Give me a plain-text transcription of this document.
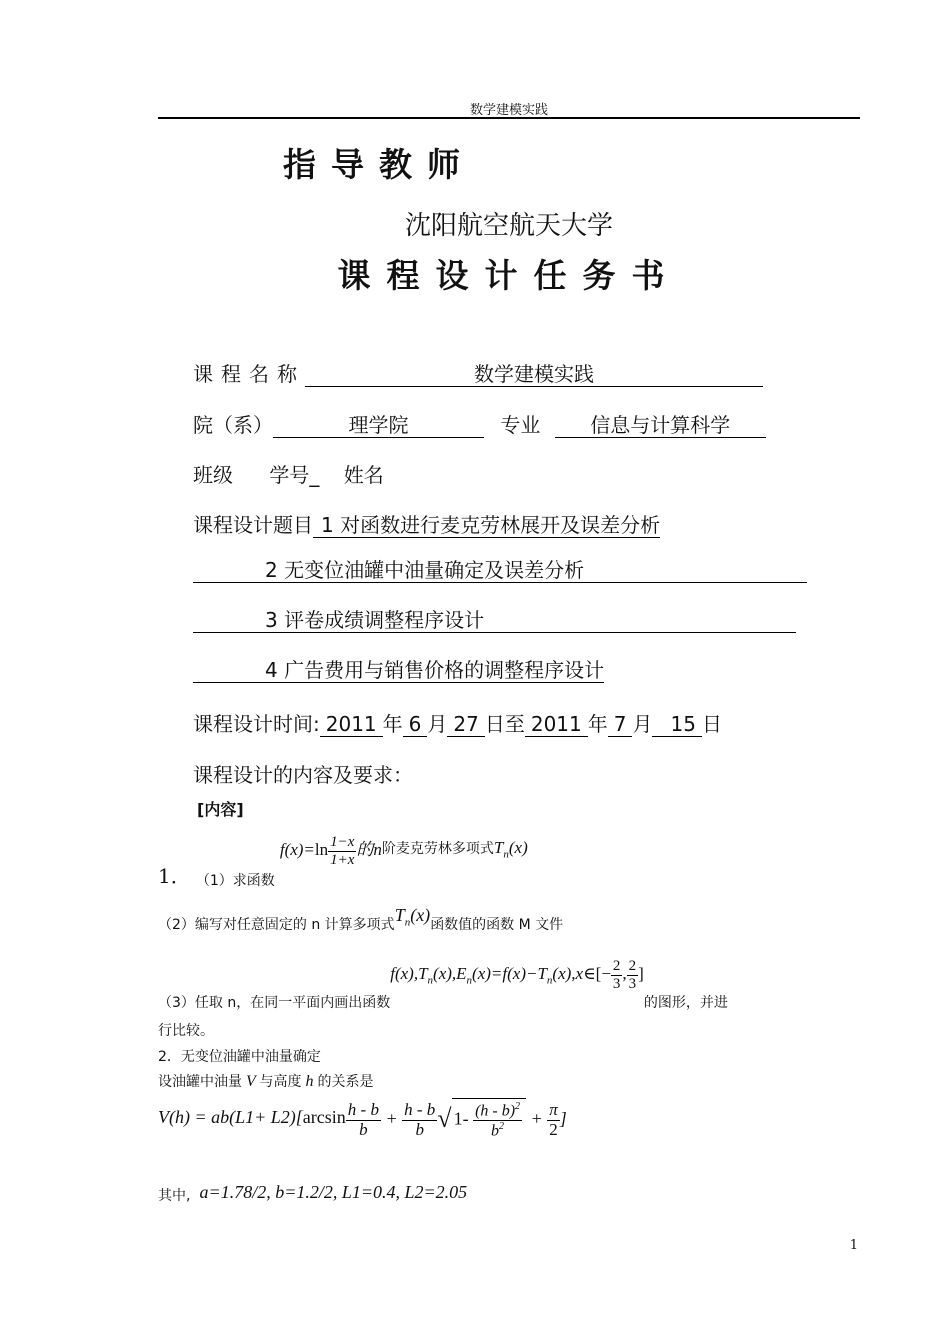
数学建模实践
指导教师
沈阳航空航天大学
课程设计任务书
课程名称	数学建模实践
院（系）	理学院	专业 信息与计算科学
班级 学号_ 姓名
课程设计题目 1 对函数进行麦克劳林展开及误差分析
2 无变位油罐中油量确定及误差分析
3 评卷成绩调整程序设计
4 广告费用与销售价格的调整程序设计
课程设计时间: 2011 年 6 月 27 日至 2011 年 7 月 15 日
课程设计的内容及要求：
[内容]
1． （1）求函数 $f(x)=\ln \frac{1-x}{1+x}$ 的n阶麦克劳林多项式$T_n(x)$
（2）编写对任意固定的 n 计算多项式$T_n(x)$函数值的函数 M 文件
（3）任取 n，在同一平面内画出函数$f(x),T_n(x),E_n(x)=f(x)-T_n(x),x\in[- \frac{2}{3}$ , $\frac{2}{3}$ ]的图形，并进
行比较。
2．无变位油罐中油量确定
设油罐中油量 V 与高度 h 的关系是
$V(h) = ab(L1+ L2)[\arcsin \frac{h - b}{b} + \frac{h - b}{b}$ √ $1- \frac{(h - b)^2}{b^2} + \frac{\pi}{2}$ ]
其中, a=1.78/2, b=1.2/2, L1=0.4, L2=2.05
1
